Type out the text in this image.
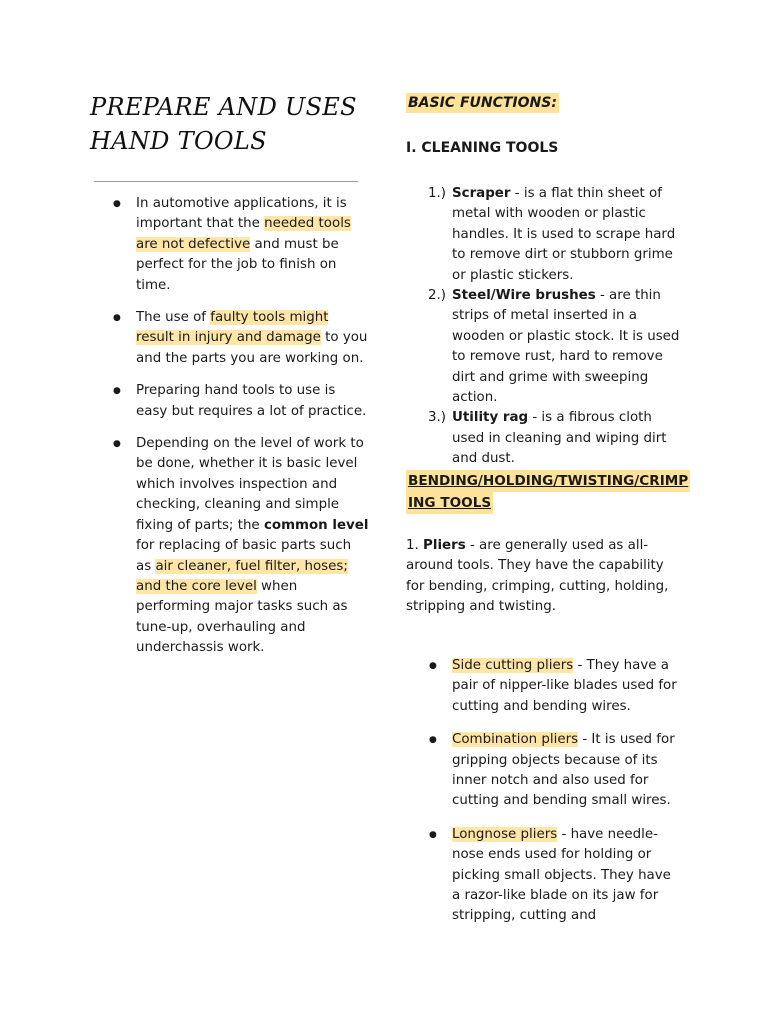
PREPARE AND USES
HAND TOOLS
● In automotive applications, it is important that the needed tools are not defective and must be perfect for the job to finish on time.
● The use of faulty tools might result in injury and damage to you and the parts you are working on.
● Preparing hand tools to use is easy but requires a lot of practice.
● Depending on the level of work to be done, whether it is basic level which involves inspection and checking, cleaning and simple fixing of parts; the common level for replacing of basic parts such as air cleaner, fuel filter, hoses; and the core level when performing major tasks such as tune-up, overhauling and underchassis work.
BASIC FUNCTIONS:
I. CLEANING TOOLS
1.) Scraper - is a flat thin sheet of metal with wooden or plastic handles. It is used to scrape hard to remove dirt or stubborn grime or plastic stickers.
2.) Steel/Wire brushes - are thin strips of metal inserted in a wooden or plastic stock. It is used to remove rust, hard to remove dirt and grime with sweeping action.
3.) Utility rag - is a fibrous cloth used in cleaning and wiping dirt and dust.
BENDING/HOLDING/TWISTING/CRIMP
ING TOOLS
1. Pliers - are generally used as all-around tools. They have the capability for bending, crimping, cutting, holding, stripping and twisting.
● Side cutting pliers - They have a pair of nipper-like blades used for cutting and bending wires.
● Combination pliers - It is used for gripping objects because of its inner notch and also used for cutting and bending small wires.
● Longnose pliers - have needle-nose ends used for holding or picking small objects. They have a razor-like blade on its jaw for stripping, cutting and
